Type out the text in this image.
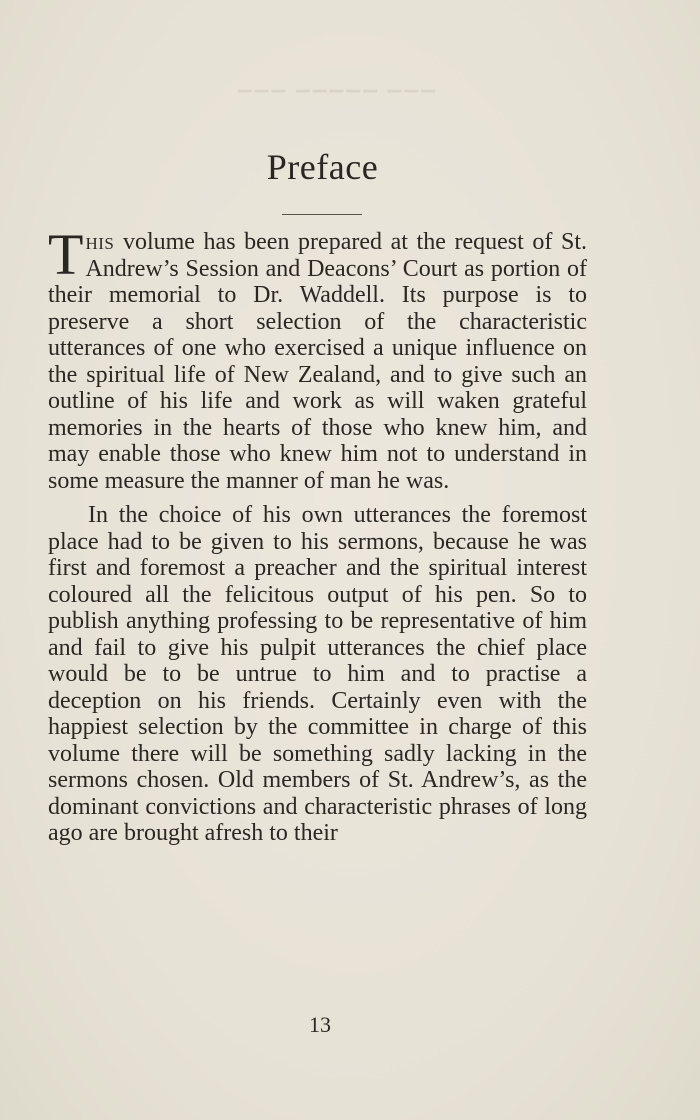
▁▁▁ ▁▁▁▁▁ ▁▁▁
Preface

This volume has been prepared at the request of St. Andrew’s Session and Deacons’ Court as portion of their memorial to Dr. Waddell. Its purpose is to preserve a short selection of the characteristic utterances of one who exercised a unique influence on the spiritual life of New Zealand, and to give such an outline of his life and work as will waken grateful memories in the hearts of those who knew him, and may enable those who knew him not to understand in some measure the manner of man he was.

In the choice of his own utterances the foremost place had to be given to his sermons, because he was first and foremost a preacher and the spiritual interest coloured all the felicitous output of his pen. So to publish anything professing to be representative of him and fail to give his pulpit utterances the chief place would be to be untrue to him and to practise a deception on his friends. Certainly even with the happiest selection by the committee in charge of this volume there will be something sadly lacking in the sermons chosen. Old members of St. Andrew’s, as the dominant convictions and characteristic phrases of long ago are brought afresh to their

13
